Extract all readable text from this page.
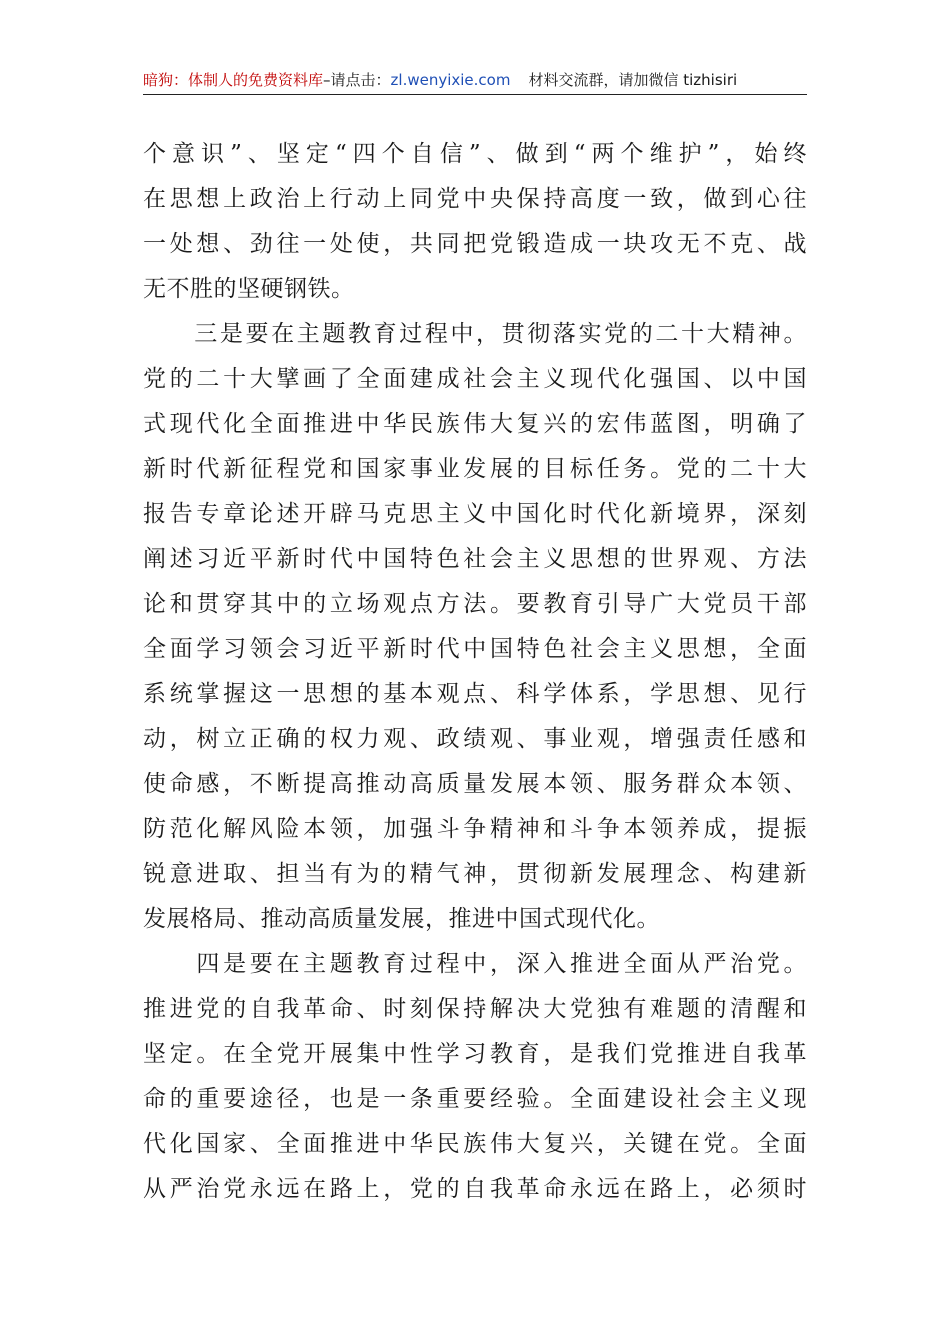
暗狗：体制人的免费资料库–请点击：zl.wenyixie.com 材料交流群，请加微信 tizhisiri
个意识”、坚定“四个自信”、做到“两个维护”，始终
在思想上政治上行动上同党中央保持高度一致，做到心往
一处想、劲往一处使，共同把党锻造成一块攻无不克、战
无不胜的坚硬钢铁。
　　三是要在主题教育过程中，贯彻落实党的二十大精神。
党的二十大擘画了全面建成社会主义现代化强国、以中国
式现代化全面推进中华民族伟大复兴的宏伟蓝图，明确了
新时代新征程党和国家事业发展的目标任务。党的二十大
报告专章论述开辟马克思主义中国化时代化新境界，深刻
阐述习近平新时代中国特色社会主义思想的世界观、方法
论和贯穿其中的立场观点方法。要教育引导广大党员干部
全面学习领会习近平新时代中国特色社会主义思想，全面
系统掌握这一思想的基本观点、科学体系，学思想、见行
动，树立正确的权力观、政绩观、事业观，增强责任感和
使命感，不断提高推动高质量发展本领、服务群众本领、
防范化解风险本领，加强斗争精神和斗争本领养成，提振
锐意进取、担当有为的精气神，贯彻新发展理念、构建新
发展格局、推动高质量发展，推进中国式现代化。
　　四是要在主题教育过程中，深入推进全面从严治党。
推进党的自我革命、时刻保持解决大党独有难题的清醒和
坚定。在全党开展集中性学习教育，是我们党推进自我革
命的重要途径，也是一条重要经验。全面建设社会主义现
代化国家、全面推进中华民族伟大复兴，关键在党。全面
从严治党永远在路上，党的自我革命永远在路上，必须时
